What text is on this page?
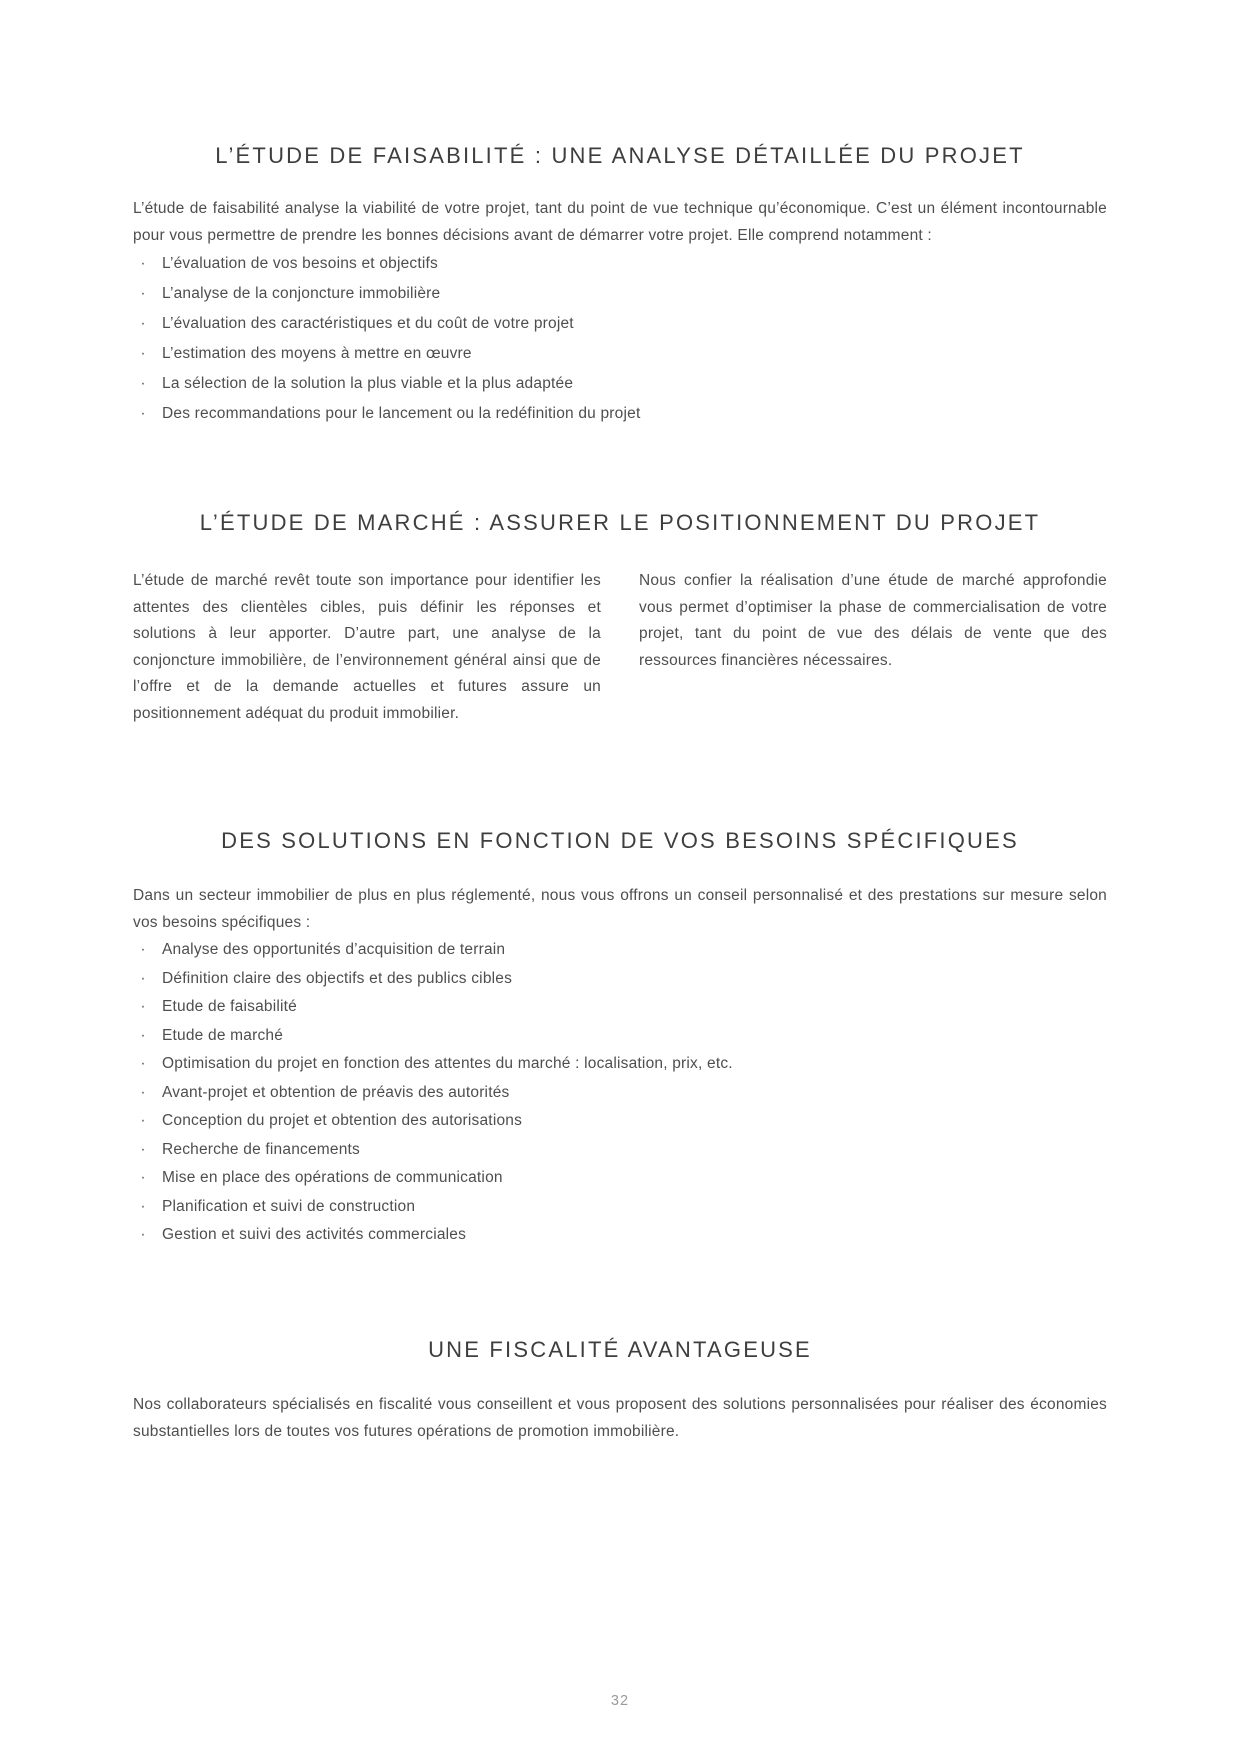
L’ÉTUDE DE FAISABILITÉ : UNE ANALYSE DÉTAILLÉE DU PROJET

L’étude de faisabilité analyse la viabilité de votre projet, tant du point de vue technique qu’économique. C’est un élément incontournable pour vous permettre de prendre les bonnes décisions avant de démarrer votre projet. Elle comprend notamment :

· L’évaluation de vos besoins et objectifs
· L’analyse de la conjoncture immobilière
· L’évaluation des caractéristiques et du coût de votre projet
· L’estimation des moyens à mettre en œuvre
· La sélection de la solution la plus viable et la plus adaptée
· Des recommandations pour le lancement ou la redéfinition du projet
L’ÉTUDE DE MARCHÉ : ASSURER LE POSITIONNEMENT DU PROJET
L’étude de marché revêt toute son importance pour identifier les attentes des clientèles cibles, puis définir les réponses et solutions à leur apporter. D’autre part, une analyse de la conjoncture immobilière, de l’environnement général ainsi que de l’offre et de la demande actuelles et futures assure un positionnement adéquat du produit immobilier.
Nous confier la réalisation d’une étude de marché approfondie vous permet d’optimiser la phase de commercialisation de votre projet, tant du point de vue des délais de vente que des ressources financières nécessaires.
DES SOLUTIONS EN FONCTION DE VOS BESOINS SPÉCIFIQUES

Dans un secteur immobilier de plus en plus réglementé, nous vous offrons un conseil personnalisé et des prestations sur mesure selon vos besoins spécifiques :

· Analyse des opportunités d’acquisition de terrain
· Définition claire des objectifs et des publics cibles
· Etude de faisabilité
· Etude de marché
· Optimisation du projet en fonction des attentes du marché : localisation, prix, etc.
· Avant-projet et obtention de préavis des autorités
· Conception du projet et obtention des autorisations
· Recherche de financements
· Mise en place des opérations de communication
· Planification et suivi de construction
· Gestion et suivi des activités commerciales
UNE FISCALITÉ AVANTAGEUSE

Nos collaborateurs spécialisés en fiscalité vous conseillent et vous proposent des solutions personnalisées pour réaliser des économies substantielles lors de toutes vos futures opérations de promotion immobilière.

32
